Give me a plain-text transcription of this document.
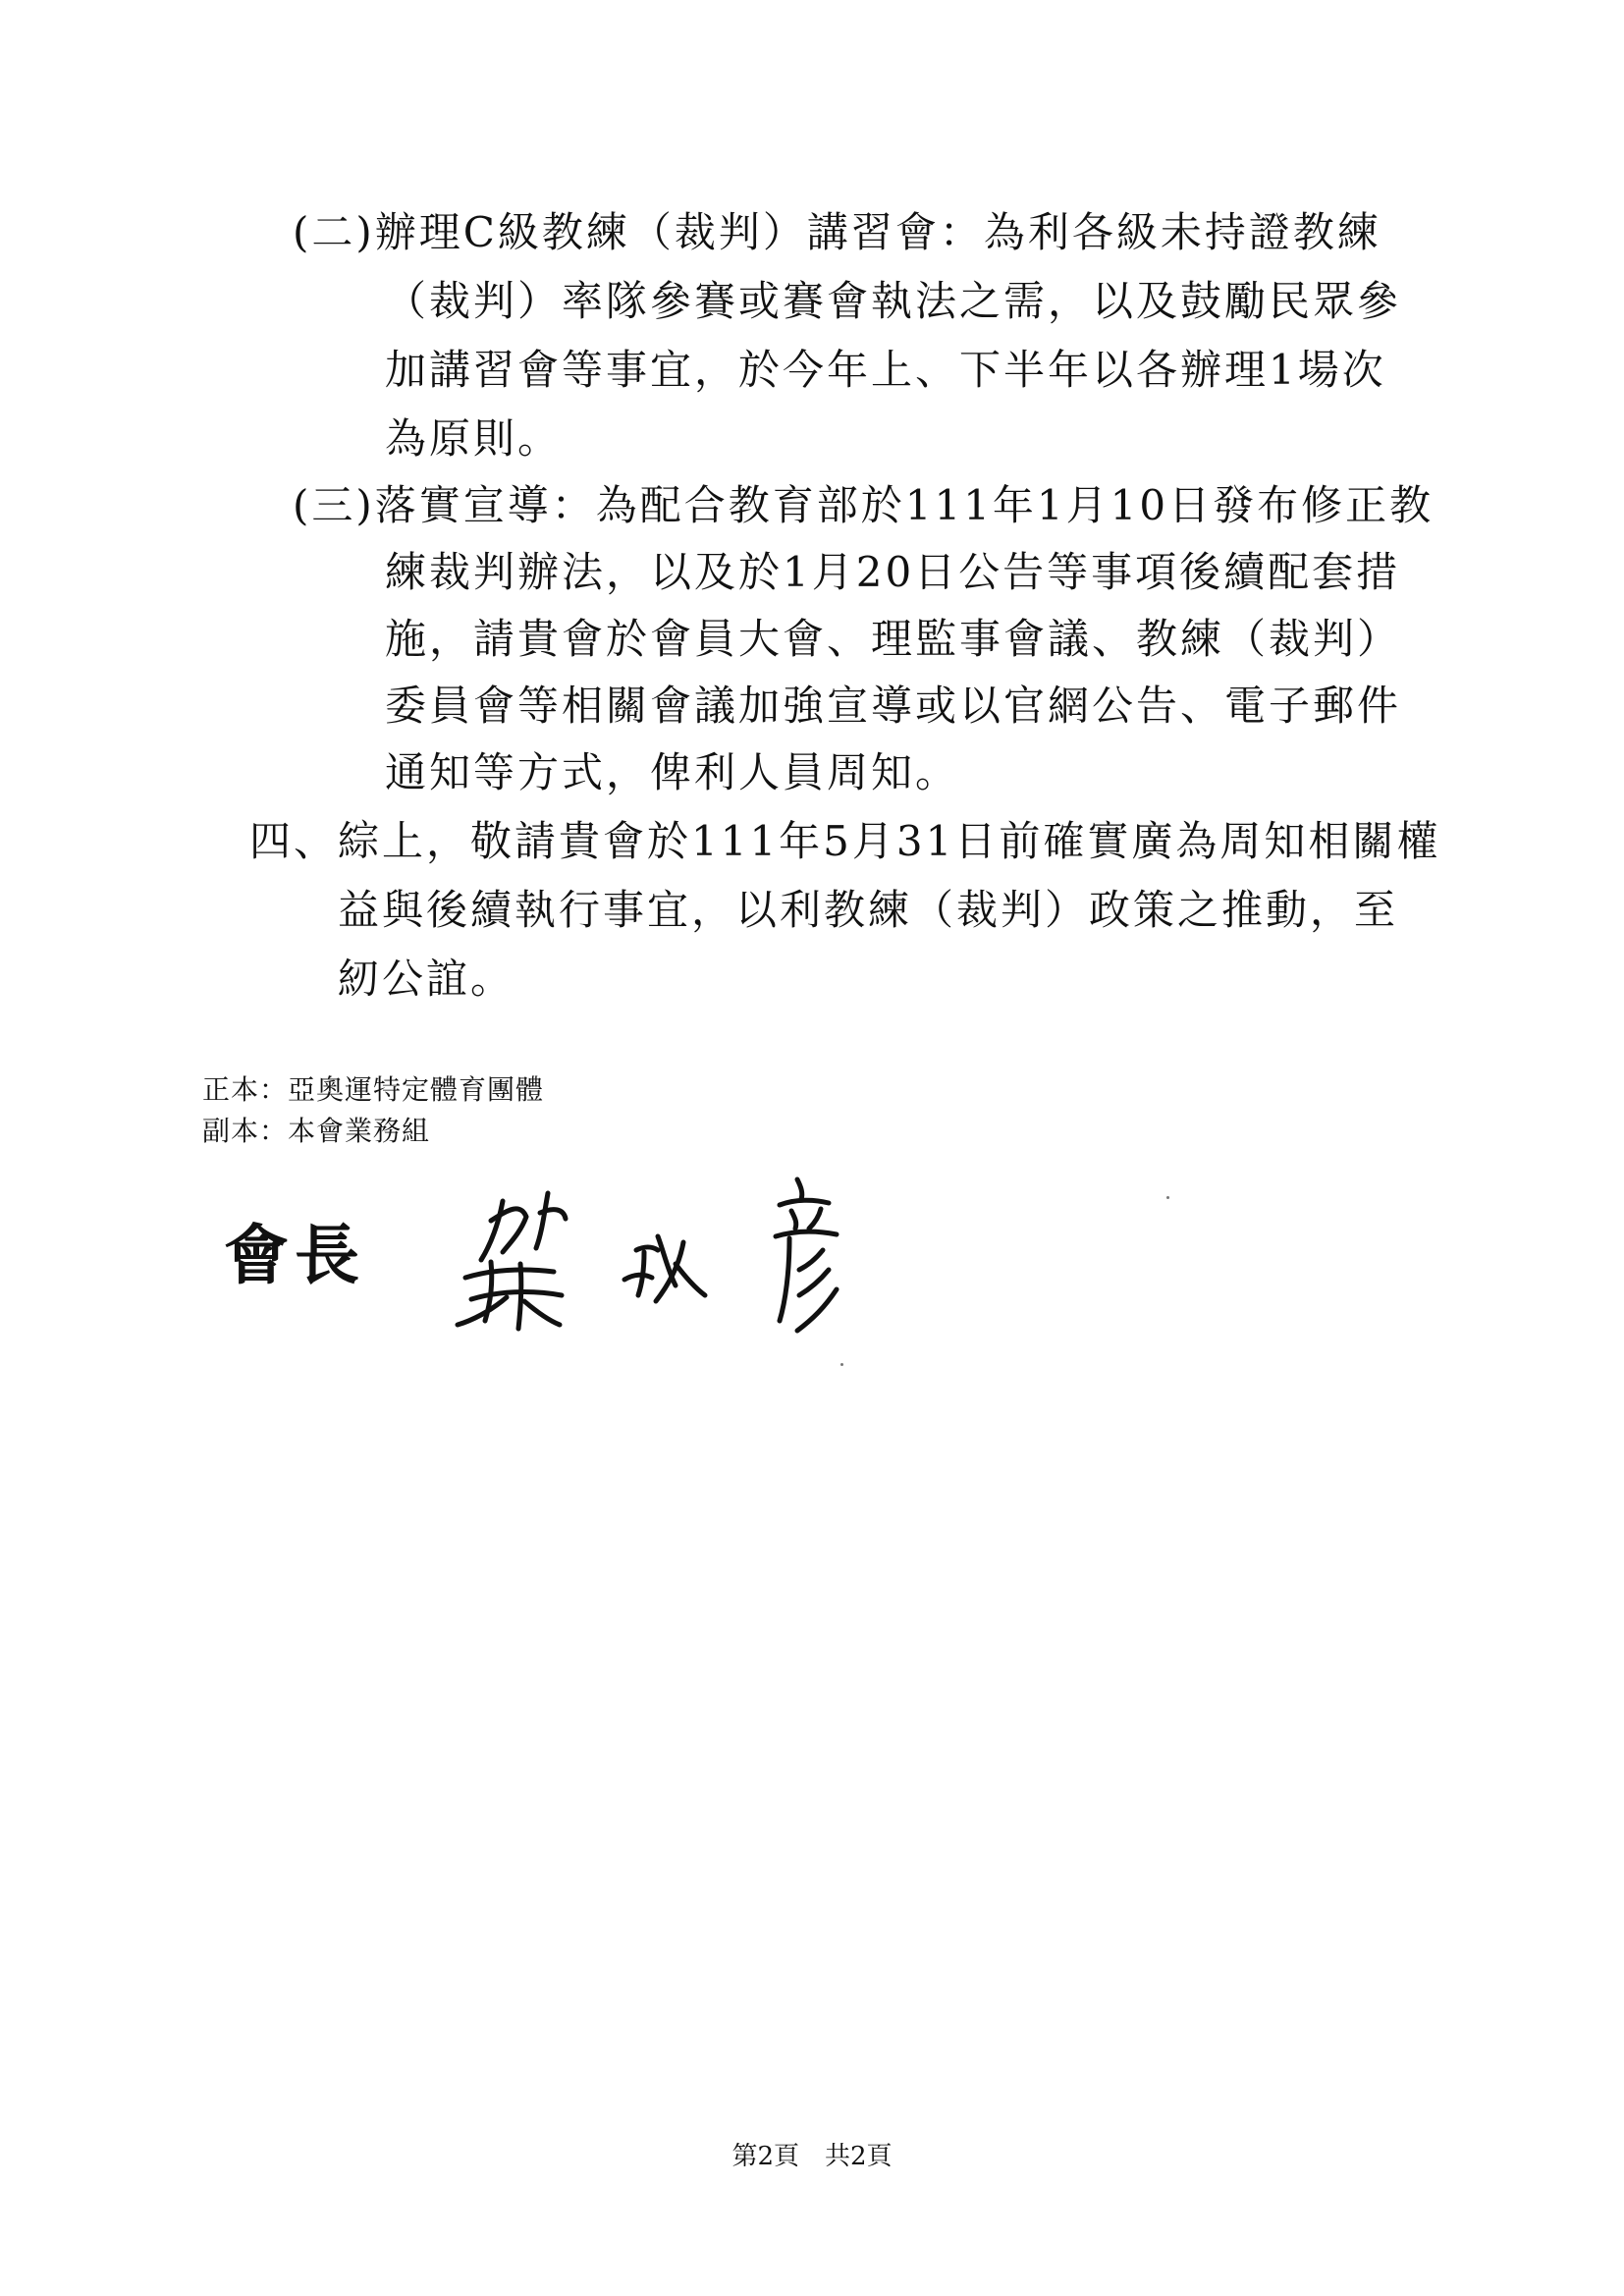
(二)辦理C級教練（裁判）講習會：為利各級未持證教練
（裁判）率隊參賽或賽會執法之需，以及鼓勵民眾參
加講習會等事宜，於今年上、下半年以各辦理1場次
為原則。
(三)落實宣導：為配合教育部於111年1月10日發布修正教
練裁判辦法，以及於1月20日公告等事項後續配套措
施，請貴會於會員大會、理監事會議、教練（裁判）
委員會等相關會議加強宣導或以官網公告、電子郵件
通知等方式，俾利人員周知。
四、綜上，敬請貴會於111年5月31日前確實廣為周知相關權
益與後續執行事宜，以利教練（裁判）政策之推動，至
紉公誼。
正本：亞奧運特定體育團體
副本：本會業務組
會長
第2頁 共2頁
